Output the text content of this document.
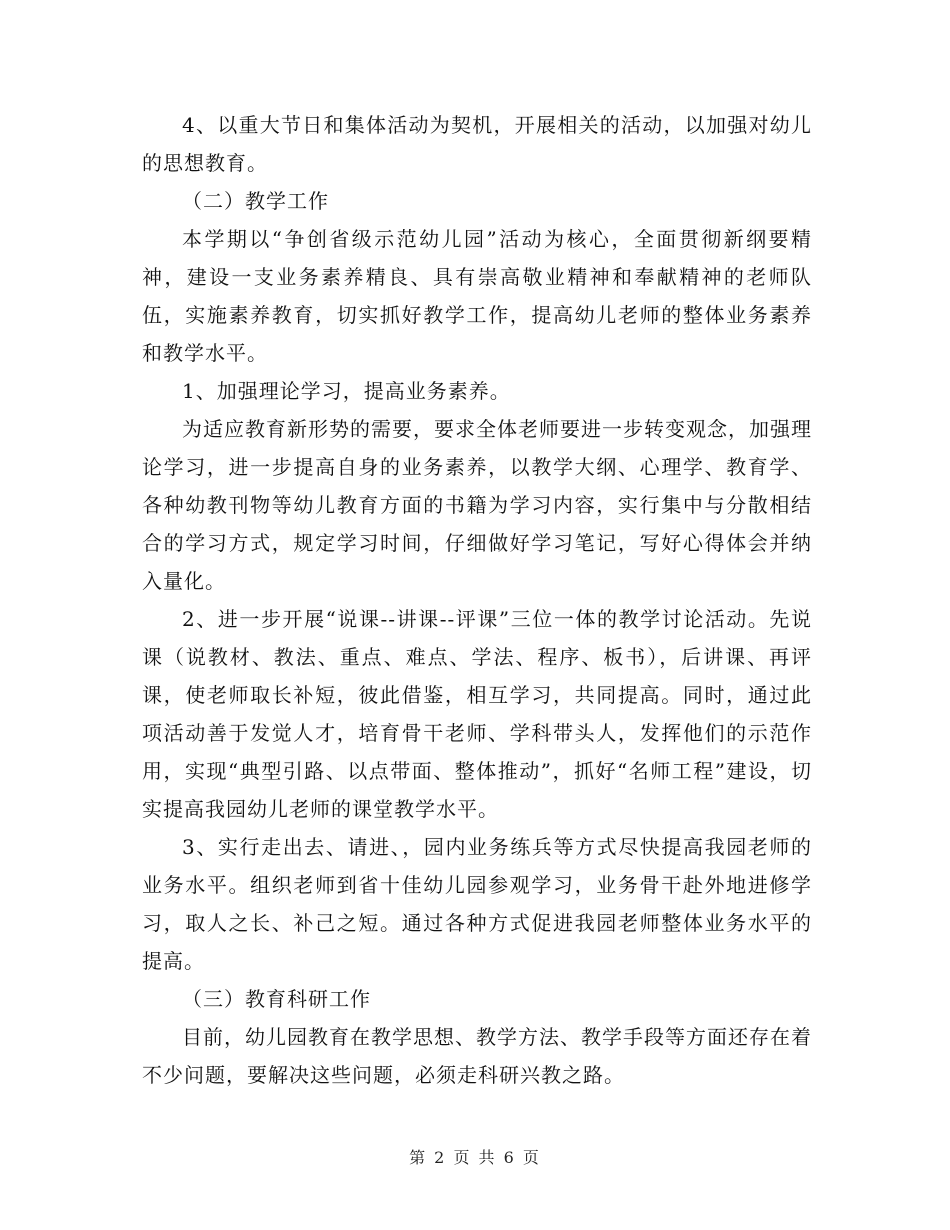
4、以重大节日和集体活动为契机，开展相关的活动，以加强对幼儿的思想教育。

（二）教学工作

本学期以“争创省级示范幼儿园”活动为核心，全面贯彻新纲要精神，建设一支业务素养精良、具有崇高敬业精神和奉献精神的老师队伍，实施素养教育，切实抓好教学工作，提高幼儿老师的整体业务素养和教学水平。

1、加强理论学习，提高业务素养。

为适应教育新形势的需要，要求全体老师要进一步转变观念，加强理论学习，进一步提高自身的业务素养，以教学大纲、心理学、教育学、各种幼教刊物等幼儿教育方面的书籍为学习内容，实行集中与分散相结合的学习方式，规定学习时间，仔细做好学习笔记，写好心得体会并纳入量化。

2、进一步开展“说课--讲课--评课”三位一体的教学讨论活动。先说课（说教材、教法、重点、难点、学法、程序、板书），后讲课、再评课，使老师取长补短，彼此借鉴，相互学习，共同提高。同时，通过此项活动善于发觉人才，培育骨干老师、学科带头人，发挥他们的示范作用，实现“典型引路、以点带面、整体推动”，抓好“名师工程”建设，切实提高我园幼儿老师的课堂教学水平。

3、实行走出去、请进、，园内业务练兵等方式尽快提高我园老师的业务水平。组织老师到省十佳幼儿园参观学习，业务骨干赴外地进修学习，取人之长、补己之短。通过各种方式促进我园老师整体业务水平的提高。

（三）教育科研工作

目前，幼儿园教育在教学思想、教学方法、教学手段等方面还存在着不少问题，要解决这些问题，必须走科研兴教之路。

第 2 页 共 6 页
